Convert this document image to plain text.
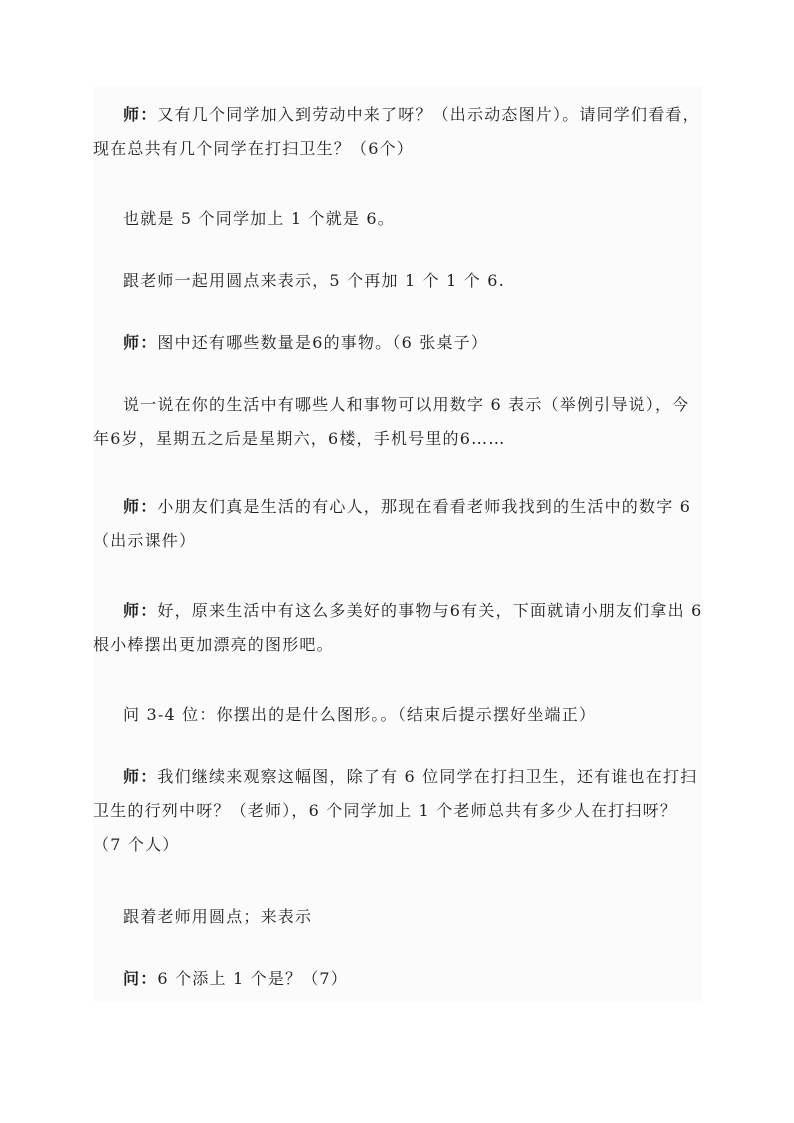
师：又有几个同学加入到劳动中来了呀？（出示动态图片）。请同学们看看，现在总共有几个同学在打扫卫生？（6个）

也就是 5 个同学加上 1 个就是 6。

跟老师一起用圆点来表示，5 个再加 1 个 1 个 6.

师：图中还有哪些数量是6的事物。（6 张桌子）

说一说在你的生活中有哪些人和事物可以用数字 6 表示（举例引导说），今年6岁，星期五之后是星期六，6楼，手机号里的6……

师：小朋友们真是生活的有心人，那现在看看老师我找到的生活中的数字 6（出示课件）

师：好，原来生活中有这么多美好的事物与6有关，下面就请小朋友们拿出 6 根小棒摆出更加漂亮的图形吧。

问 3-4 位：你摆出的是什么图形。。（结束后提示摆好坐端正）

师：我们继续来观察这幅图，除了有 6 位同学在打扫卫生，还有谁也在打扫卫生的行列中呀？（老师），6 个同学加上 1 个老师总共有多少人在打扫呀？（7 个人）

跟着老师用圆点；来表示

问：6 个添上 1 个是？（7）
